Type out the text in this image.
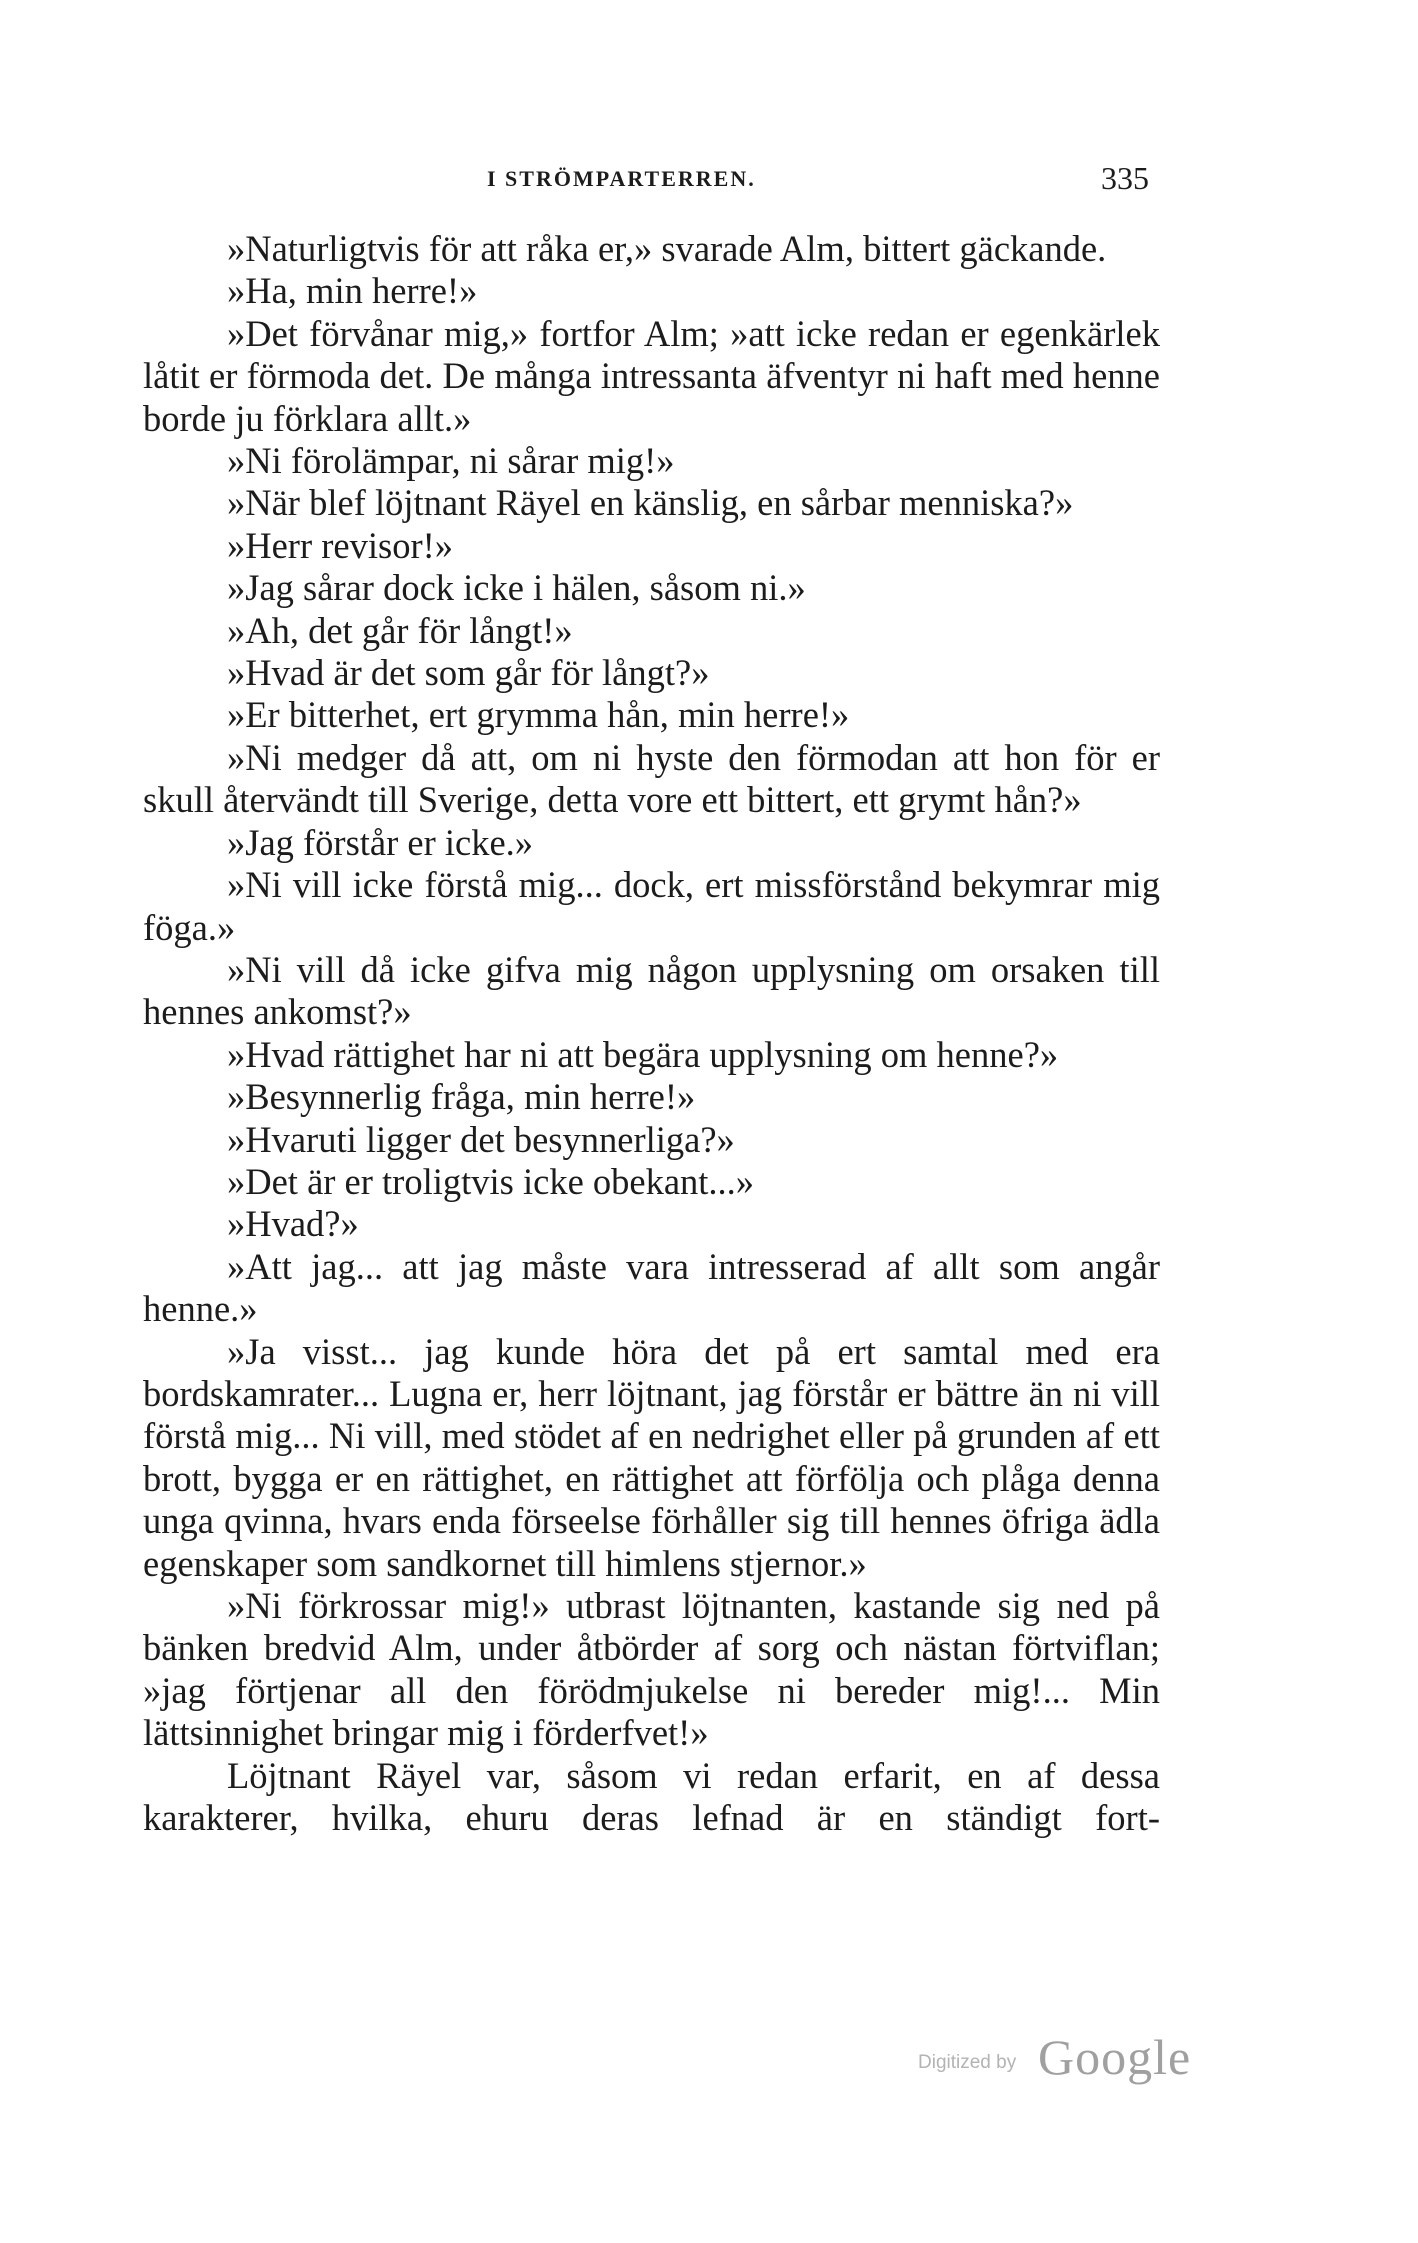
I STRÖMPARTERREN.	335

»Naturligtvis för att råka er,» svarade Alm, bittert gäckande.

»Ha, min herre!»

»Det förvånar mig,» fortfor Alm; »att icke redan er egenkärlek låtit er förmoda det. De många intressanta äfventyr ni haft med henne borde ju förklara allt.»

»Ni förolämpar, ni sårar mig!»

»När blef löjtnant Räyel en känslig, en sårbar menniska?»

»Herr revisor!»

»Jag sårar dock icke i hälen, såsom ni.»

»Ah, det går för långt!»

»Hvad är det som går för långt?»

»Er bitterhet, ert grymma hån, min herre!»

»Ni medger då att, om ni hyste den förmodan att hon för er skull återvändt till Sverige, detta vore ett bittert, ett grymt hån?»

»Jag förstår er icke.»

»Ni vill icke förstå mig... dock, ert missförstånd bekymrar mig föga.»

»Ni vill då icke gifva mig någon upplysning om orsaken till hennes ankomst?»

»Hvad rättighet har ni att begära upplysning om henne?»

»Besynnerlig fråga, min herre!»

»Hvaruti ligger det besynnerliga?»

»Det är er troligtvis icke obekant...»

»Hvad?»

»Att jag... att jag måste vara intresserad af allt som angår henne.»

»Ja visst... jag kunde höra det på ert samtal med era bordskamrater... Lugna er, herr löjtnant, jag förstår er bättre än ni vill förstå mig... Ni vill, med stödet af en nedrighet eller på grunden af ett brott, bygga er en rättighet, en rättighet att förfölja och plåga denna unga qvinna, hvars enda förseelse förhåller sig till hennes öfriga ädla egenskaper som sandkornet till himlens stjernor.»

»Ni förkrossar mig!» utbrast löjtnanten, kastande sig ned på bänken bredvid Alm, under åtbörder af sorg och nästan förtviflan; »jag förtjenar all den förödmjukelse ni bereder mig!... Min lättsinnighet bringar mig i förderfvet!»

Löjtnant Räyel var, såsom vi redan erfarit, en af dessa karakterer, hvilka, ehuru deras lefnad är en ständigt fort-

Digitized by Google
